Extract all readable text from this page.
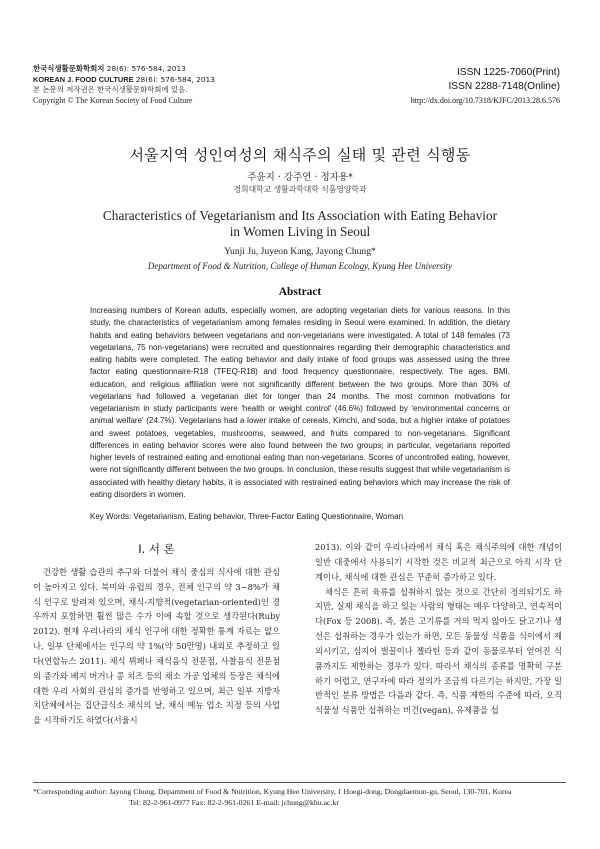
한국식생활문화학회지 28(6): 576-584, 2013
KOREAN J. FOOD CULTURE 28(6): 576-584, 2013
본 논문의 저작권은 한국식생활문화학회에 있음.
Copyright © The Korean Society of Food Culture
ISSN 1225-7060(Print)
ISSN 2288-7148(Online)
http://dx.doi.org/10.7318/KJFC/2013.28.6.576
서울지역 성인여성의 채식주의 실태 및 관련 식행동
주윤지 · 강주연 · 정자용*
경희대학교 생활과학대학 식품영양학과
Characteristics of Vegetarianism and Its Association with Eating Behavior in Women Living in Seoul
Yunji Ju, Juyeon Kang, Jayong Chung*
Department of Food & Nutrition, College of Human Ecology, Kyung Hee University
Abstract
Increasing numbers of Korean adults, especially women, are adopting vegetarian diets for various reasons. In this study, the characteristics of vegetarianism among females residing in Seoul were examined. In addition, the dietary habits and eating behaviors between vegetarians and non-vegetarians were investigated. A total of 148 females (73 vegetarians, 75 non-vegetarians) were recruited and questionnaires regarding their demographic characteristics and eating habits were completed. The eating behavior and daily intake of food groups was assessed using the three factor eating questionnaire-R18 (TFEQ-R18) and food frequency questionnaire, respectively. The ages, BMI, education, and religious affiliation were not significantly different between the two groups. More than 30% of vegetarians had followed a vegetarian diet for longer than 24 months. The most common motivations for vegetarianism in study participants were 'health or weight control' (46.6%) followed by 'environmental concerns or animal welfare' (24.7%). Vegetarians had a lower intake of cereals, Kimchi, and soda, but a higher intake of potatoes and sweet potatoes, vegetables, mushrooms, seaweed, and fruits compared to non-vegetarians. Significant differences in eating behavior scores were also found between the two groups; in particular, vegetarians reported higher levels of restrained eating and emotional eating than non-vegetarians. Scores of uncontrolled eating, however, were not significantly different between the two groups. In conclusion, these results suggest that while vegetarianism is associated with healthy dietary habits, it is associated with restrained eating behaviors which may increase the risk of eating disorders in women.
Key Words: Vegetarianism, Eating behavior, Three-Factor Eating Questionnaire, Woman
Ⅰ. 서 론

건강한 생활 습관의 추구와 더불어 채식 중심의 식사에 대한 관심이 높아지고 있다. 북미와 유럽의 경우, 전체 인구의 약 3~8%가 채식 인구로 알려져 있으며, 채식-지향적(vegetarian-oriented)인 경우까지 포함하면 훨씬 많은 수가 이에 속할 것으로 생각된다(Ruby 2012). 현재 우리나라의 채식 인구에 대한 정확한 통계 자료는 없으나, 일부 단체에서는 인구의 약 1%(약 50만명) 내외로 추정하고 있다(연합뉴스 2011). 채식 뷔페나 채식음식 전문점, 사찰음식 전문점의 증가와 베지 버거나 콩 치즈 등의 채소 가공 업체의 등장은 채식에 대한 우리 사회의 관심의 증가를 반영하고 있으며, 최근 일부 지방자치단체에서는 집단급식소 채식의 날, 채식 메뉴 업소 지정 등의 사업을 시작하기도 하였다(서울시

2013). 이와 같이 우리나라에서 채식 혹은 채식주의에 대한 개념이 일반 대중에서 사용되기 시작한 것은 비교적 최근으로 아직 시작 단계이나, 채식에 대한 관심은 꾸준히 증가하고 있다.

채식은 흔히 육류를 섭취하지 않는 것으로 간단히 정의되기도 하지만, 실제 채식을 하고 있는 사람의 형태는 매우 다양하고, 연속적이다(Fox 등 2008). 즉, 붉은 고기류를 거의 먹지 않아도 닭고기나 생선은 섭취하는 경우가 있는가 하면, 모든 동물성 식품을 식이에서 제외시키고, 심지어 벌꿀이나 젤라틴 등과 같이 동물로부터 얻어진 식품까지도 제한하는 경우가 있다. 따라서 채식의 종류를 명확히 구분하기 어렵고, 연구자에 따라 정의가 조금씩 다르기는 하지만, 가장 일반적인 분류 방법은 다음과 같다. 즉, 식품 제한의 수준에 따라, 오직 식물성 식품만 섭취하는 비건(vegan), 유제품을 섭

*Corresponding author: Jayong Chung, Department of Food & Nutrition, Kyung Hee University, 1 Hoegi-dong, Dongdaemun-gu, Seoul, 130-701, Korea
Tel: 82-2-961-0977 Fax: 82-2-961-0261 E-mail: jchung@khu.ac.kr
